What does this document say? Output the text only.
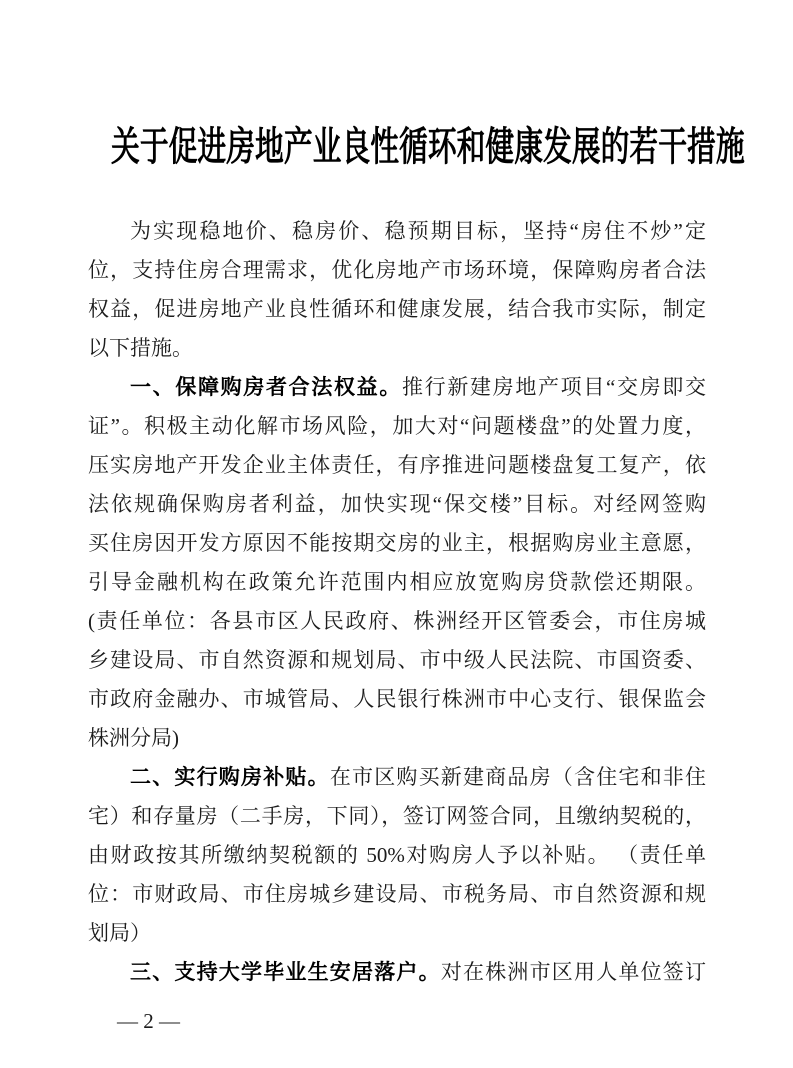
关于促进房地产业良性循环和健康发展的若干措施
为实现稳地价、稳房价、稳预期目标，坚持“房住不炒”定
位，支持住房合理需求，优化房地产市场环境，保障购房者合法
权益，促进房地产业良性循环和健康发展，结合我市实际，制定
以下措施。
一、保障购房者合法权益。推行新建房地产项目“交房即交
证”。积极主动化解市场风险，加大对“问题楼盘”的处置力度，
压实房地产开发企业主体责任，有序推进问题楼盘复工复产，依
法依规确保购房者利益，加快实现“保交楼”目标。对经网签购
买住房因开发方原因不能按期交房的业主，根据购房业主意愿，
引导金融机构在政策允许范围内相应放宽购房贷款偿还期限。
(责任单位：各县市区人民政府、株洲经开区管委会，市住房城
乡建设局、市自然资源和规划局、市中级人民法院、市国资委、
市政府金融办、市城管局、人民银行株洲市中心支行、银保监会
株洲分局)
二、实行购房补贴。在市区购买新建商品房（含住宅和非住
宅）和存量房（二手房，下同），签订网签合同，且缴纳契税的，
由财政按其所缴纳契税额的 50%对购房人予以补贴。 （责任单
位：市财政局、市住房城乡建设局、市税务局、市自然资源和规
划局）
三、支持大学毕业生安居落户。对在株洲市区用人单位签订
— 2 —
